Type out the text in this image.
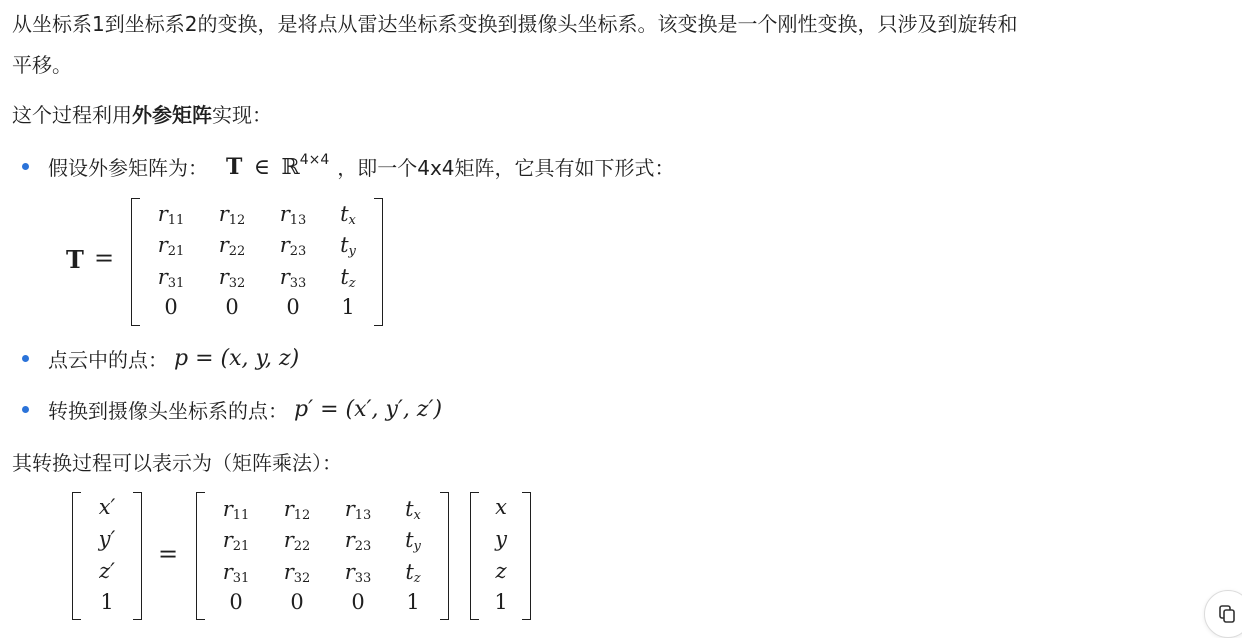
从坐标系1到坐标系2的变换，是将点从雷达坐标系变换到摄像头坐标系。该变换是一个刚性变换，只涉及到旋转和

平移。

这个过程利用外参矩阵实现：

假设外参矩阵为： T ∈ ℝ$^{4\times 4}$ ，即一个4x4矩阵，它具有如下形式：
T =
$r_{11}$	$r_{12}$	$r_{13}$	$t_x$
$r_{21}$	$r_{22}$	$r_{23}$	$t_y$
$r_{31}$	$r_{32}$	$r_{33}$	$t_z$
0	0	0	1
点云中的点： p = (x, y, z)
转换到摄像头坐标系的点： p′ = (x′, y′, z′)

其转换过程可以表示为（矩阵乘法）：

x′
y′
z′
1
=
$r_{11}$	$r_{12}$	$r_{13}$	$t_x$
$r_{21}$	$r_{22}$	$r_{23}$	$t_y$
$r_{31}$	$r_{32}$	$r_{33}$	$t_z$
0	0	0	1
x
y
z
1
